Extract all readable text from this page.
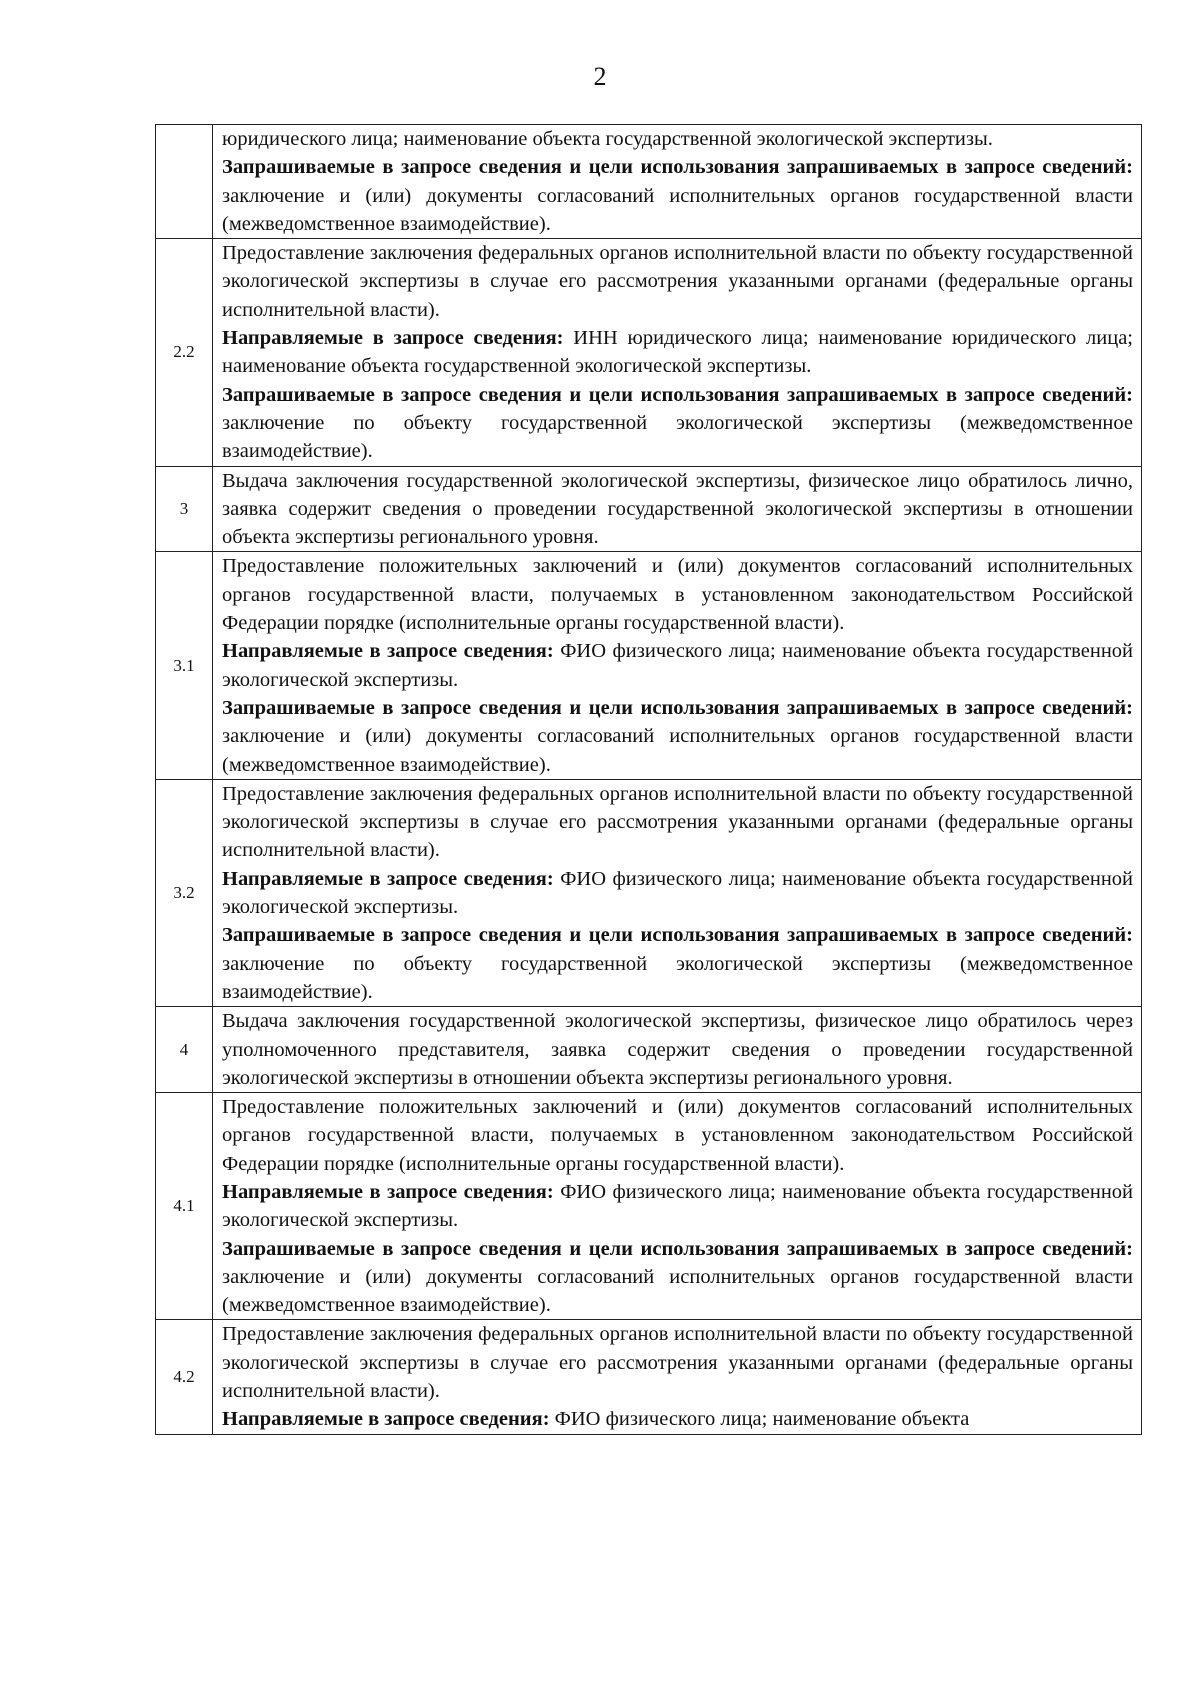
2

	юридического лица; наименование объекта государственной экологической экспертизы.

Запрашиваемые в запросе сведения и цели использования запрашиваемых в запросе сведений: заключение и (или) документы согласований исполнительных органов государственной власти (межведомственное взаимодействие).

2.2	Предоставление заключения федеральных органов исполнительной власти по объекту государственной экологической экспертизы в случае его рассмотрения указанными органами (федеральные органы исполнительной власти).

Направляемые в запросе сведения: ИНН юридического лица; наименование юридического лица; наименование объекта государственной экологической экспертизы.

Запрашиваемые в запросе сведения и цели использования запрашиваемых в запросе сведений: заключение по объекту государственной экологической экспертизы (межведомственное взаимодействие).

3	Выдача заключения государственной экологической экспертизы, физическое лицо обратилось лично, заявка содержит сведения о проведении государственной экологической экспертизы в отношении объекта экспертизы регионального уровня.

3.1	Предоставление положительных заключений и (или) документов согласований исполнительных органов государственной власти, получаемых в установленном законодательством Российской Федерации порядке (исполнительные органы государственной власти).

Направляемые в запросе сведения: ФИО физического лица; наименование объекта государственной экологической экспертизы.

Запрашиваемые в запросе сведения и цели использования запрашиваемых в запросе сведений: заключение и (или) документы согласований исполнительных органов государственной власти (межведомственное взаимодействие).

3.2	Предоставление заключения федеральных органов исполнительной власти по объекту государственной экологической экспертизы в случае его рассмотрения указанными органами (федеральные органы исполнительной власти).

Направляемые в запросе сведения: ФИО физического лица; наименование объекта государственной экологической экспертизы.

Запрашиваемые в запросе сведения и цели использования запрашиваемых в запросе сведений: заключение по объекту государственной экологической экспертизы (межведомственное взаимодействие).

4	Выдача заключения государственной экологической экспертизы, физическое лицо обратилось через уполномоченного представителя, заявка содержит сведения о проведении государственной экологической экспертизы в отношении объекта экспертизы регионального уровня.

4.1	Предоставление положительных заключений и (или) документов согласований исполнительных органов государственной власти, получаемых в установленном законодательством Российской Федерации порядке (исполнительные органы государственной власти).

Направляемые в запросе сведения: ФИО физического лица; наименование объекта государственной экологической экспертизы.

Запрашиваемые в запросе сведения и цели использования запрашиваемых в запросе сведений: заключение и (или) документы согласований исполнительных органов государственной власти (межведомственное взаимодействие).

4.2	Предоставление заключения федеральных органов исполнительной власти по объекту государственной экологической экспертизы в случае его рассмотрения указанными органами (федеральные органы исполнительной власти).

Направляемые в запросе сведения: ФИО физического лица; наименование объекта
